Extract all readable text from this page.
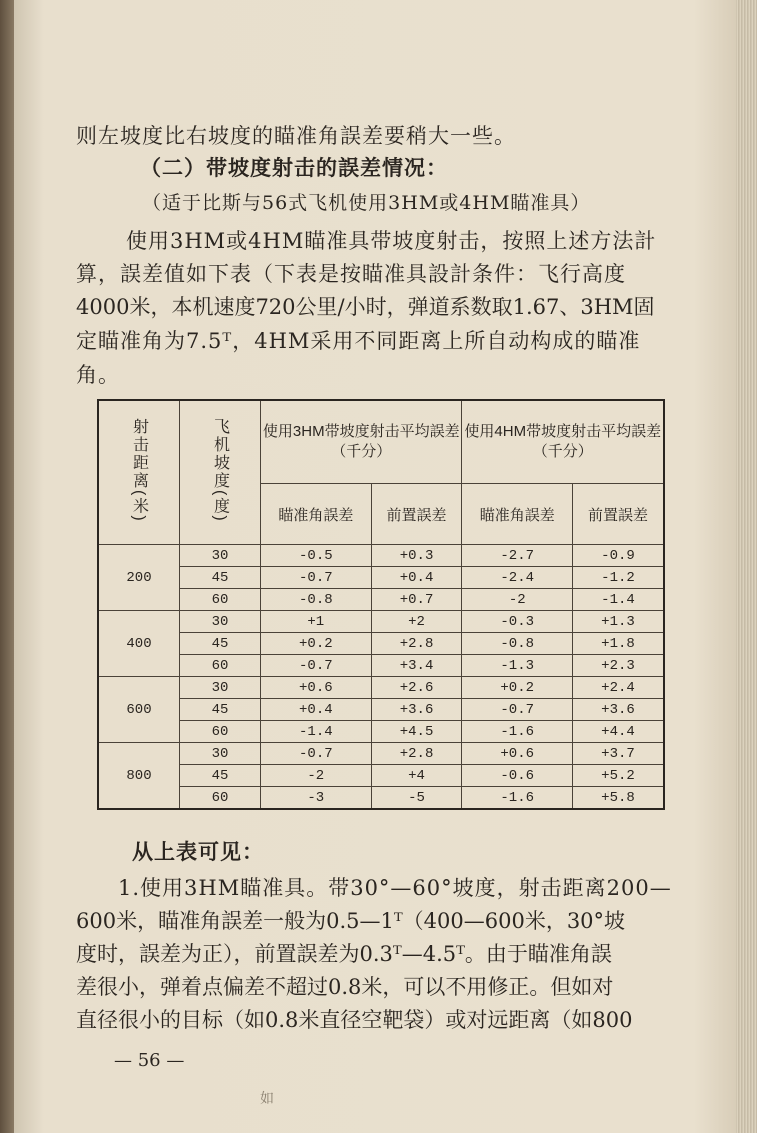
则左坡度比右坡度的瞄准角誤差要稍大一些。
（二）带坡度射击的誤差情况：
（适于比斯与56式飞机使用3HM或4HM瞄准具）
使用3HM或4HM瞄准具带坡度射击，按照上述方法計
算，誤差值如下表（下表是按瞄准具設計条件：飞行高度
4000米，本机速度720公里/小时，弹道系数取1.67、3HM固
定瞄准角为7.5ᵀ，4HM采用不同距离上所自动构成的瞄准
角。
射击距离(米)	飞机坡度(度)	使用3HM带坡度射击平均誤差（千分）		使用4HM带坡度射击平均誤差（千分）	
		瞄准角誤差	前置誤差	瞄准角誤差	前置誤差
200	30	-0.5	+0.3	-2.7	-0.9
	45	-0.7	+0.4	-2.4	-1.2
	60	-0.8	+0.7	-2	-1.4
400	30	+1	+2	-0.3	+1.3
	45	+0.2	+2.8	-0.8	+1.8
	60	-0.7	+3.4	-1.3	+2.3
600	30	+0.6	+2.6	+0.2	+2.4
	45	+0.4	+3.6	-0.7	+3.6
	60	-1.4	+4.5	-1.6	+4.4
800	30	-0.7	+2.8	+0.6	+3.7
	45	-2	+4	-0.6	+5.2
	60	-3	-5	-1.6	+5.8
从上表可见：
1.使用3HM瞄准具。带30°—60°坡度，射击距离200—
600米，瞄准角誤差一般为0.5—1ᵀ（400—600米，30°坡
度时，誤差为正），前置誤差为0.3ᵀ—4.5ᵀ。由于瞄准角誤
差很小，弹着点偏差不超过0.8米，可以不用修正。但如对
直径很小的目标（如0.8米直径空靶袋）或对远距离（如800
— 56 —
如
